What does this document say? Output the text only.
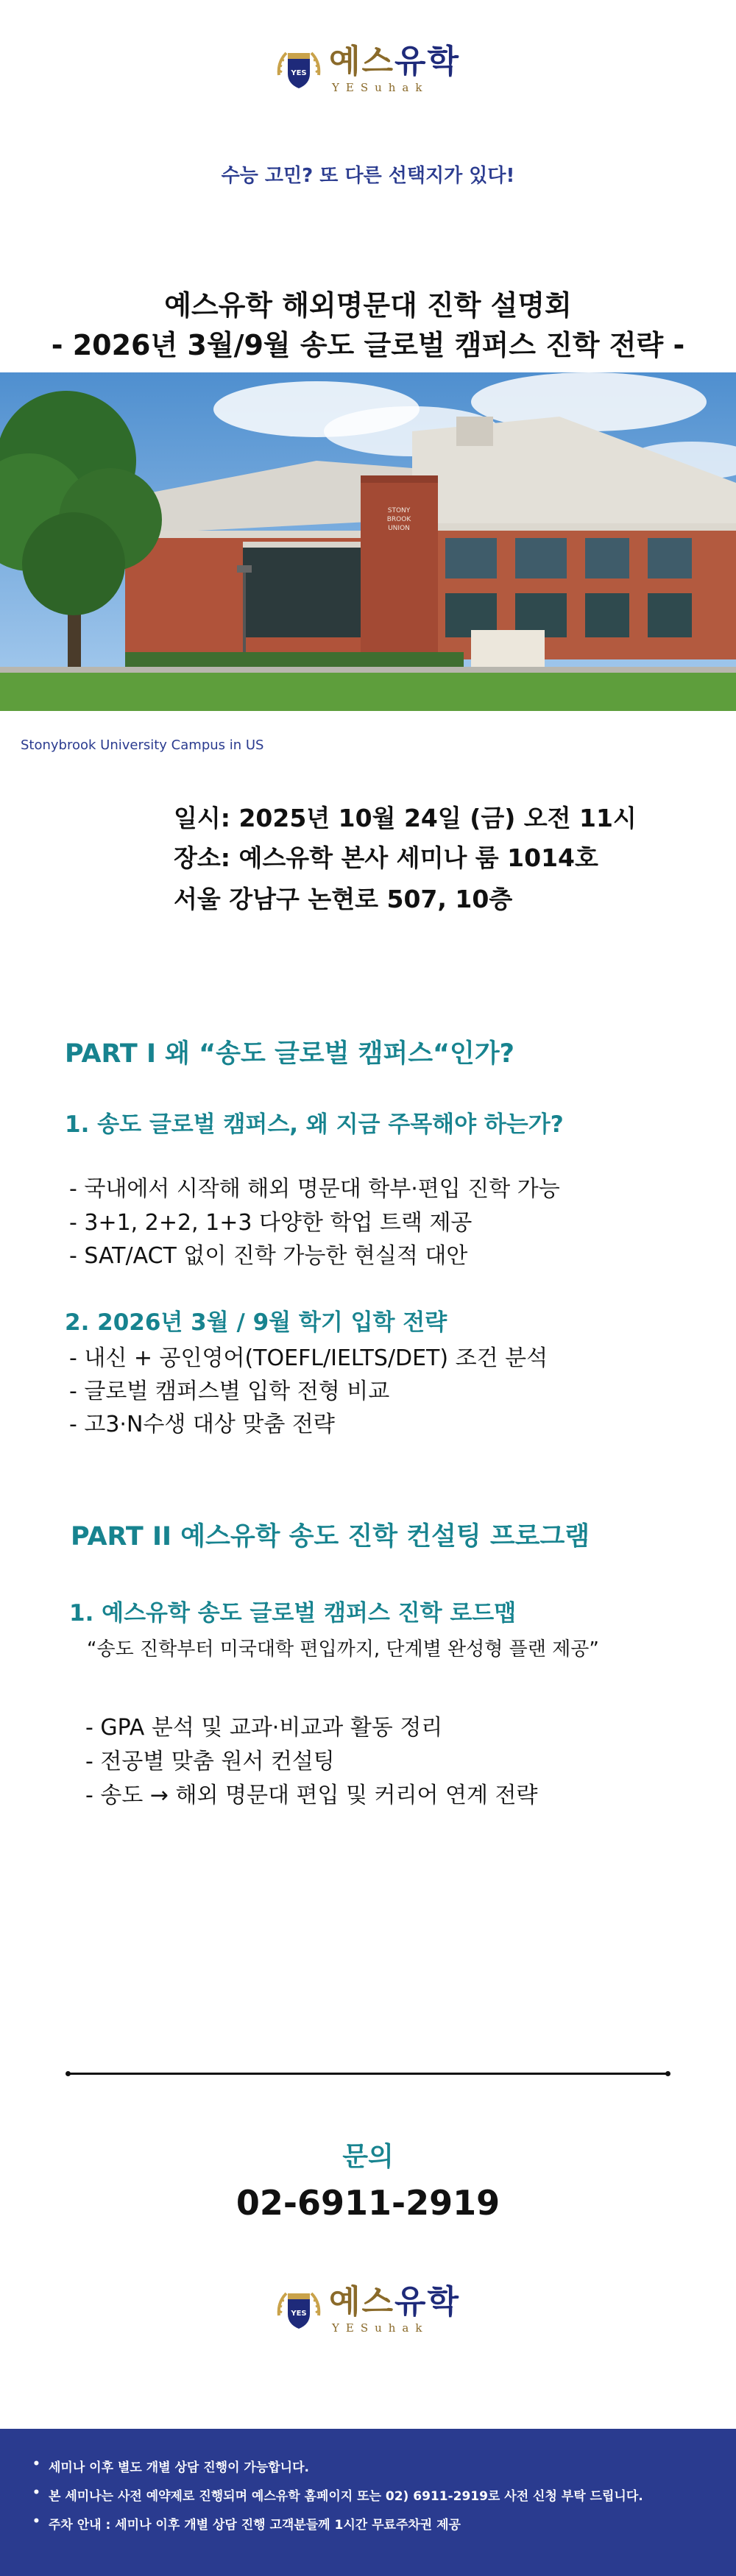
YES 예스유학
YESuhak
수능 고민? 또 다른 선택지가 있다!
예스유학 해외명문대 진학 설명회
- 2026년 3월/9월 송도 글로벌 캠퍼스 진학 전략 -
STONY
BROOK
UNION
Stonybrook University Campus in US
일시: 2025년 10월 24일 (금) 오전 11시
장소: 예스유학 본사 세미나 룸 1014호
서울 강남구 논현로 507, 10층
PART I 왜 “송도 글로벌 캠퍼스“인가?
1. 송도 글로벌 캠퍼스, 왜 지금 주목해야 하는가?
- 국내에서 시작해 해외 명문대 학부·편입 진학 가능
- 3+1, 2+2, 1+3 다양한 학업 트랙 제공
- SAT/ACT 없이 진학 가능한 현실적 대안
2. 2026년 3월 / 9월 학기 입학 전략
- 내신 + 공인영어(TOEFL/IELTS/DET) 조건 분석
- 글로벌 캠퍼스별 입학 전형 비교
- 고3·N수생 대상 맞춤 전략
PART II 예스유학 송도 진학 컨설팅 프로그램
1. 예스유학 송도 글로벌 캠퍼스 진학 로드맵
“송도 진학부터 미국대학 편입까지, 단계별 완성형 플랜 제공”
- GPA 분석 및 교과·비교과 활동 정리
- 전공별 맞춤 원서 컨설팅
- 송도 → 해외 명문대 편입 및 커리어 연계 전략
문의
02-6911-2919
YES 예스유학
YESuhak
• 세미나 이후 별도 개별 상담 진행이 가능합니다.
• 본 세미나는 사전 예약제로 진행되며 예스유학 홈페이지 또는 02) 6911-2919로 사전 신청 부탁 드립니다.
• 주차 안내 : 세미나 이후 개별 상담 진행 고객분들께 1시간 무료주차권 제공
